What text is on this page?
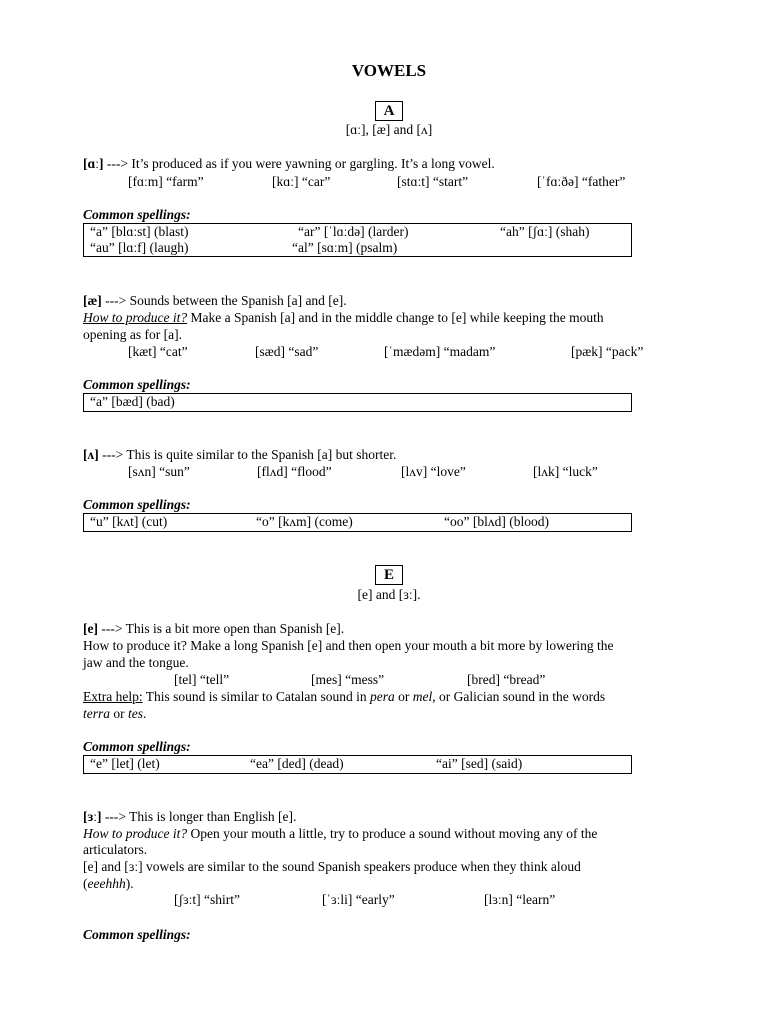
VOWELS
A
[ɑː], [æ] and [ʌ]
[ɑː] ---> It’s produced as if you were yawning or gargling. It’s a long vowel.
[fɑːm] “farm”	[kɑː] “car”	[stɑːt] “start”	[ˈfɑːðə] “father”
Common spellings:
“a” [blɑːst] (blast)	“ar” [ˈlɑːdə] (larder)	“ah” [ʃɑː] (shah)
“au” [lɑːf] (laugh)	“al” [sɑːm] (psalm)
[æ] ---> Sounds between the Spanish [a] and [e].
How to produce it? Make a Spanish [a] and in the middle change to [e] while keeping the mouth
opening as for [a].
[kæt] “cat”	[sæd] “sad”	[ˈmædəm] “madam”	[pæk] “pack”
Common spellings:
“a” [bæd] (bad)
[ʌ] ---> This is quite similar to the Spanish [a] but shorter.
[sʌn] “sun”	[flʌd] “flood”	[lʌv] “love”	[lʌk] “luck”
Common spellings:
“u” [kʌt] (cut)	“o” [kʌm] (come)	“oo” [blʌd] (blood)
E
[e] and [ɜː].
[e] ---> This is a bit more open than Spanish [e].
How to produce it? Make a long Spanish [e] and then open your mouth a bit more by lowering the
jaw and the tongue.
[tel] “tell”	[mes] “mess”	[bred] “bread”
Extra help: This sound is similar to Catalan sound in pera or mel, or Galician sound in the words
terra or tes.
Common spellings:
“e” [let] (let)	“ea” [ded] (dead)	“ai” [sed] (said)
[ɜː] ---> This is longer than English [e].
How to produce it? Open your mouth a little, try to produce a sound without moving any of the
articulators.
[e] and [ɜː] vowels are similar to the sound Spanish speakers produce when they think aloud
(eeehhh).
[ʃɜːt] “shirt”	[ˈɜːli] “early”	[lɜːn] “learn”
Common spellings:
